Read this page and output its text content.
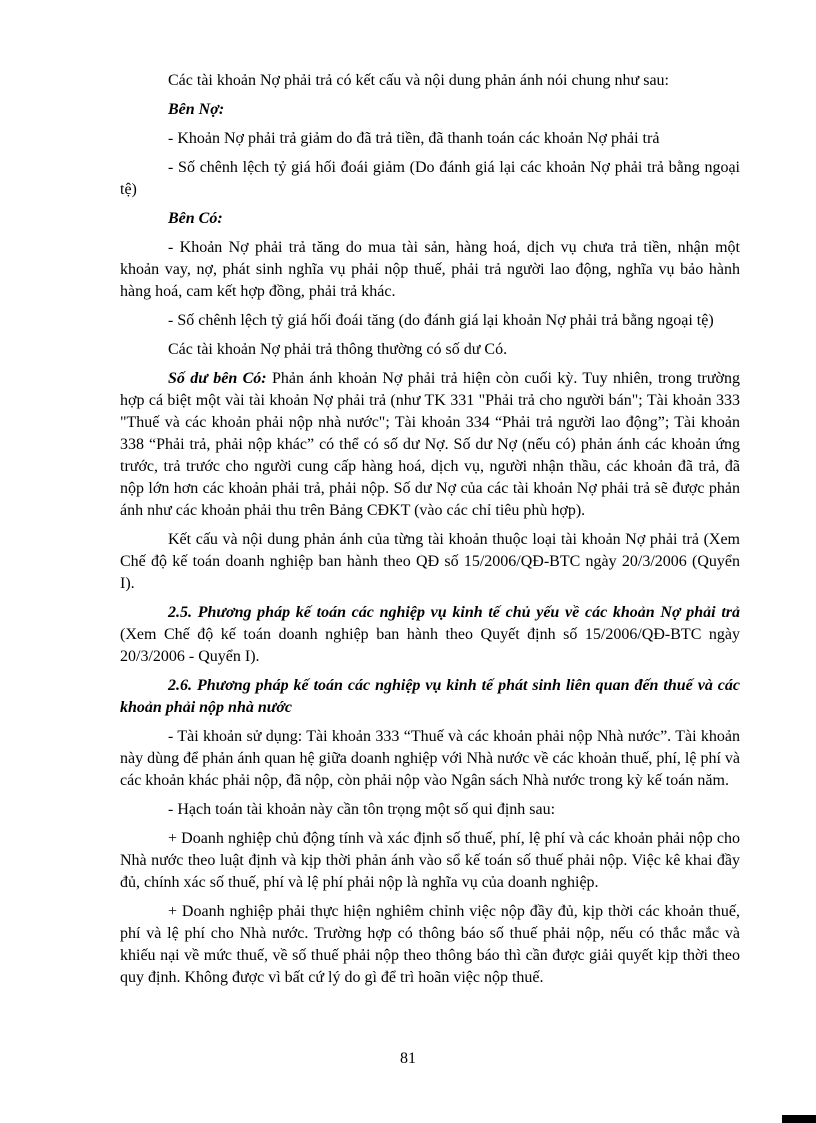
Các tài khoản Nợ phải trả có kết cấu và nội dung phản ánh nói chung như sau:

Bên Nợ:

- Khoản Nợ phải trả giảm do đã trả tiền, đã thanh toán các khoản Nợ phải trả

- Số chênh lệch tỷ giá hối đoái giảm (Do đánh giá lại các khoản Nợ phải trả bằng ngoại tệ)

Bên Có:

- Khoản Nợ phải trả tăng do mua tài sản, hàng hoá, dịch vụ chưa trả tiền, nhận một khoản vay, nợ, phát sinh nghĩa vụ phải nộp thuế, phải trả người lao động, nghĩa vụ bảo hành hàng hoá, cam kết hợp đồng, phải trả khác.

- Số chênh lệch tỷ giá hối đoái tăng (do đánh giá lại khoản Nợ phải trả bằng ngoại tệ)

Các tài khoản Nợ phải trả thông thường có số dư Có.

Số dư bên Có: Phản ánh khoản Nợ phải trả hiện còn cuối kỳ. Tuy nhiên, trong trường hợp cá biệt một vài tài khoản Nợ phải trả (như TK 331 "Phải trả cho người bán"; Tài khoản 333 "Thuế và các khoản phải nộp nhà nước"; Tài khoản 334 “Phải trả người lao động”; Tài khoản 338 “Phải trả, phải nộp khác” có thể có số dư Nợ. Số dư Nợ (nếu có) phản ánh các khoản ứng trước, trả trước cho người cung cấp hàng hoá, dịch vụ, người nhận thầu, các khoản đã trả, đã nộp lớn hơn các khoản phải trả, phải nộp. Số dư Nợ của các tài khoản Nợ phải trả sẽ được phản ánh như các khoản phải thu trên Bảng CĐKT (vào các chỉ tiêu phù hợp).

Kết cấu và nội dung phản ánh của từng tài khoản thuộc loại tài khoản Nợ phải trả (Xem Chế độ kế toán doanh nghiệp ban hành theo QĐ số 15/2006/QĐ-BTC ngày 20/3/2006 (Quyển I).

2.5. Phương pháp kế toán các nghiệp vụ kinh tế chủ yếu về các khoản Nợ phải trả (Xem Chế độ kế toán doanh nghiệp ban hành theo Quyết định số 15/2006/QĐ-BTC ngày 20/3/2006 - Quyển I).

2.6. Phương pháp kế toán các nghiệp vụ kinh tế phát sinh liên quan đến thuế và các khoản phải nộp nhà nước

- Tài khoản sử dụng: Tài khoản 333 “Thuế và các khoản phải nộp Nhà nước”. Tài khoản này dùng để phản ánh quan hệ giữa doanh nghiệp với Nhà nước về các khoản thuế, phí, lệ phí và các khoản khác phải nộp, đã nộp, còn phải nộp vào Ngân sách Nhà nước trong kỳ kế toán năm.

- Hạch toán tài khoản này cần tôn trọng một số qui định sau:

+ Doanh nghiệp chủ động tính và xác định số thuế, phí, lệ phí và các khoản phải nộp cho Nhà nước theo luật định và kịp thời phản ánh vào sổ kế toán số thuế phải nộp. Việc kê khai đầy đủ, chính xác số thuế, phí và lệ phí phải nộp là nghĩa vụ của doanh nghiệp.

+ Doanh nghiệp phải thực hiện nghiêm chỉnh việc nộp đầy đủ, kịp thời các khoản thuế, phí và lệ phí cho Nhà nước. Trường hợp có thông báo số thuế phải nộp, nếu có thắc mắc và khiếu nại về mức thuế, về số thuế phải nộp theo thông báo thì cần được giải quyết kịp thời theo quy định. Không được vì bất cứ lý do gì để trì hoãn việc nộp thuế.

81
